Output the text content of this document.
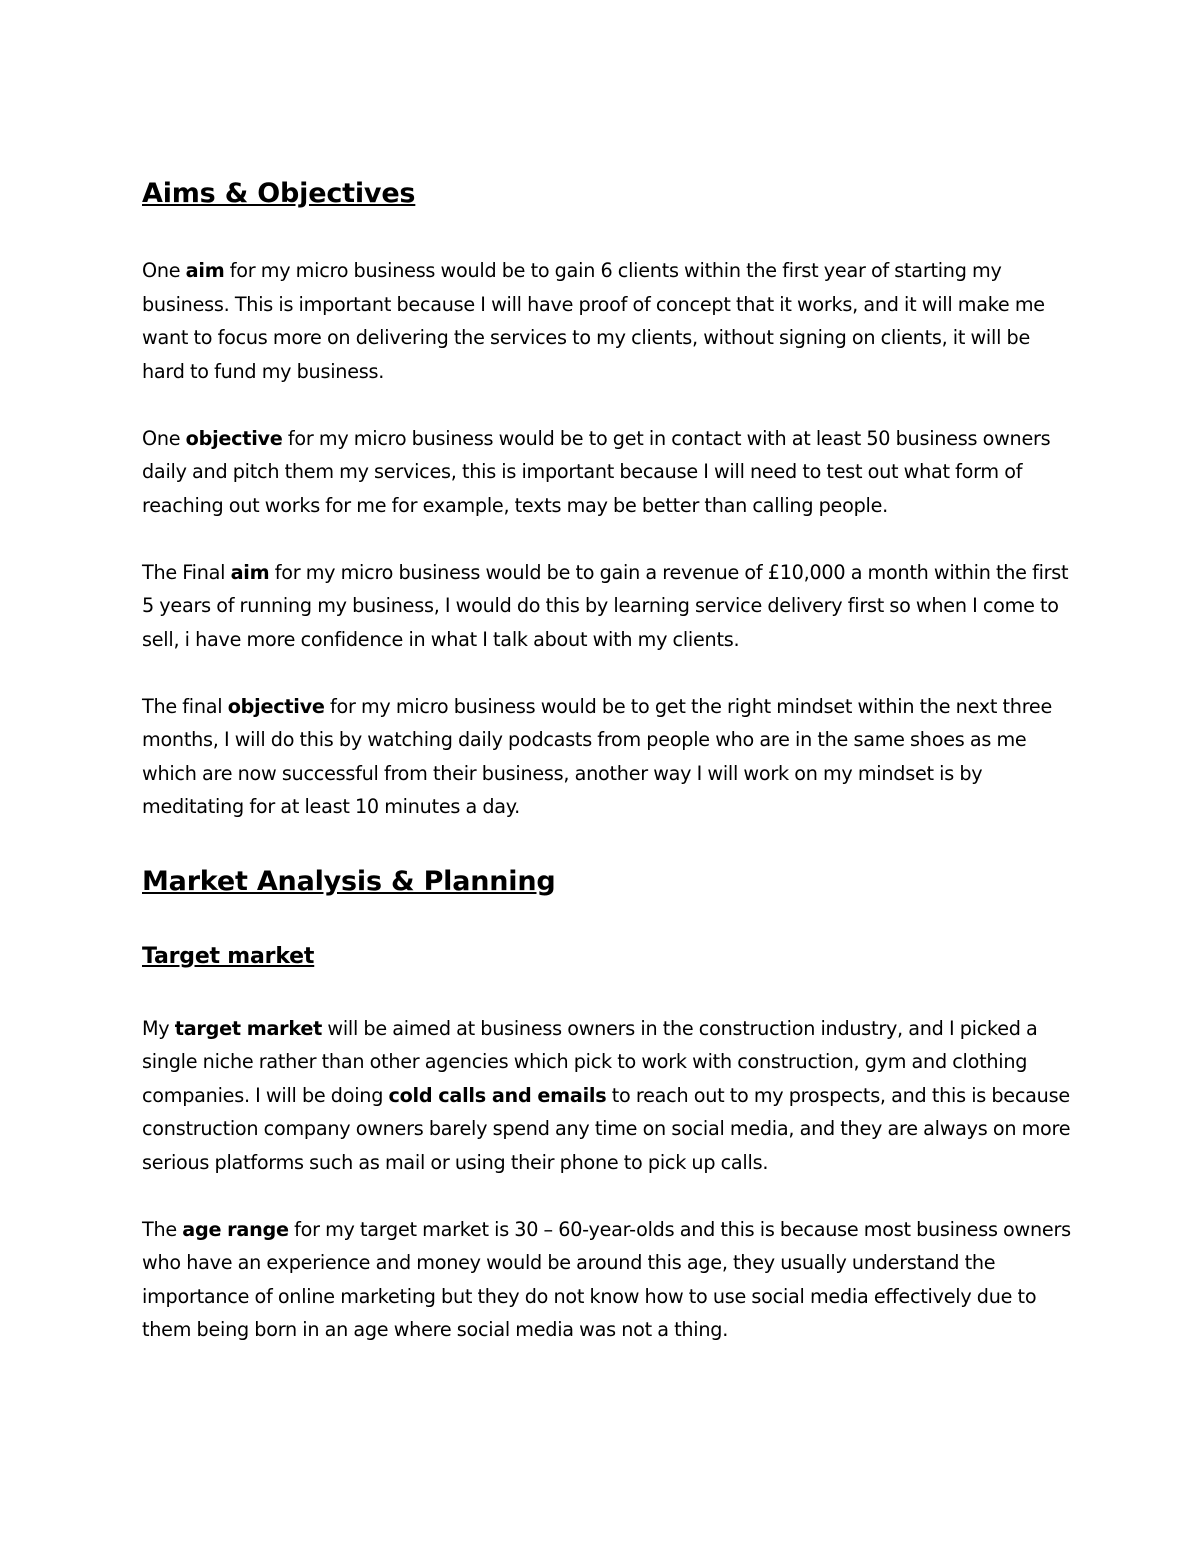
Aims & Objectives

One aim for my micro business would be to gain 6 clients within the first year of starting my business. This is important because I will have proof of concept that it works, and it will make me want to focus more on delivering the services to my clients, without signing on clients, it will be hard to fund my business.

One objective for my micro business would be to get in contact with at least 50 business owners daily and pitch them my services, this is important because I will need to test out what form of reaching out works for me for example, texts may be better than calling people.

The Final aim for my micro business would be to gain a revenue of £10,000 a month within the first 5 years of running my business, I would do this by learning service delivery first so when I come to sell, i have more confidence in what I talk about with my clients.

The final objective for my micro business would be to get the right mindset within the next three months, I will do this by watching daily podcasts from people who are in the same shoes as me which are now successful from their business, another way I will work on my mindset is by meditating for at least 10 minutes a day.

Market Analysis & Planning
Target market

My target market will be aimed at business owners in the construction industry, and I picked a single niche rather than other agencies which pick to work with construction, gym and clothing companies. I will be doing cold calls and emails to reach out to my prospects, and this is because construction company owners barely spend any time on social media, and they are always on more serious platforms such as mail or using their phone to pick up calls.

The age range for my target market is 30 – 60-year-olds and this is because most business owners who have an experience and money would be around this age, they usually understand the importance of online marketing but they do not know how to use social media effectively due to them being born in an age where social media was not a thing.
